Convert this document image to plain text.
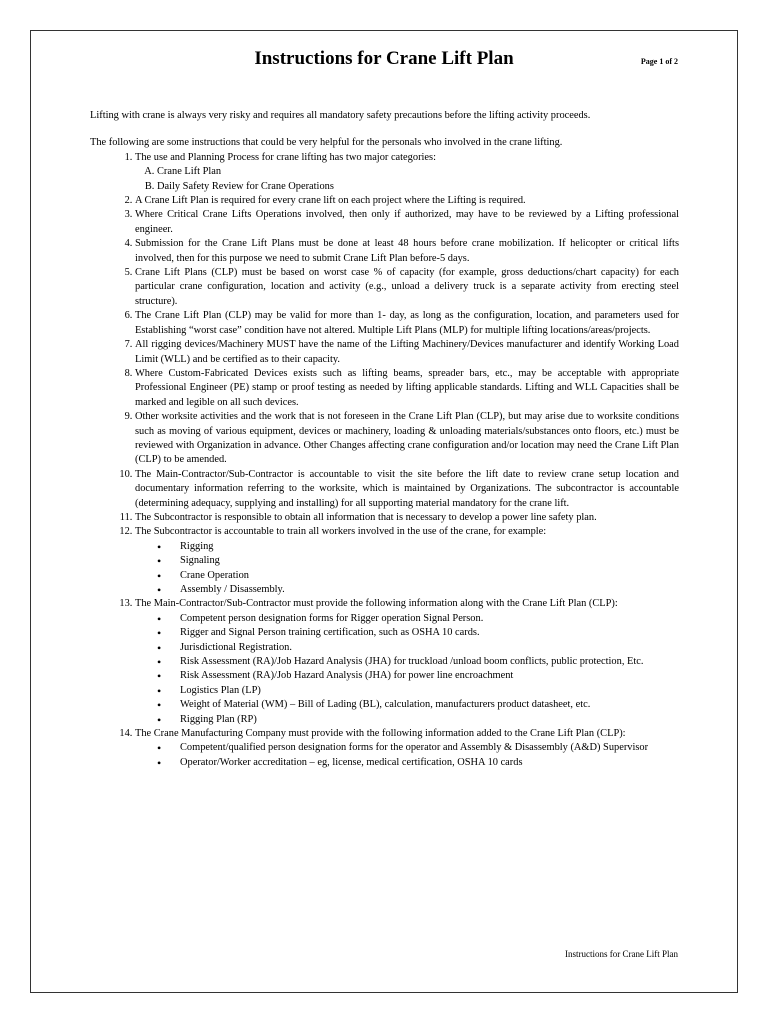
Instructions for Crane Lift Plan	Page 1 of 2

Lifting with crane is always very risky and requires all mandatory safety precautions before the lifting activity proceeds.

The following are some instructions that could be very helpful for the personals who involved in the crane lifting.

1. The use and Planning Process for crane lifting has two major categories:
A. Crane Lift Plan
B. Daily Safety Review for Crane Operations
2. A Crane Lift Plan is required for every crane lift on each project where the Lifting is required.
3. Where Critical Crane Lifts Operations involved, then only if authorized, may have to be reviewed by a Lifting professional engineer.
4. Submission for the Crane Lift Plans must be done at least 48 hours before crane mobilization. If helicopter or critical lifts involved, then for this purpose we need to submit Crane Lift Plan before-5 days.
5. Crane Lift Plans (CLP) must be based on worst case % of capacity (for example, gross deductions/chart capacity) for each particular crane configuration, location and activity (e.g., unload a delivery truck is a separate activity from erecting steel structure).
6. The Crane Lift Plan (CLP) may be valid for more than 1- day, as long as the configuration, location, and parameters used for Establishing “worst case” condition have not altered. Multiple Lift Plans (MLP) for multiple lifting locations/areas/projects.
7. All rigging devices/Machinery MUST have the name of the Lifting Machinery/Devices manufacturer and identify Working Load Limit (WLL) and be certified as to their capacity.
8. Where Custom-Fabricated Devices exists such as lifting beams, spreader bars, etc., may be acceptable with appropriate Professional Engineer (PE) stamp or proof testing as needed by lifting applicable standards. Lifting and WLL Capacities shall be marked and legible on all such devices.
9. Other worksite activities and the work that is not foreseen in the Crane Lift Plan (CLP), but may arise due to worksite conditions such as moving of various equipment, devices or machinery, loading & unloading materials/substances onto floors, etc.) must be reviewed with Organization in advance. Other Changes affecting crane configuration and/or location may need the Crane Lift Plan (CLP) to be amended.
10. The Main-Contractor/Sub-Contractor is accountable to visit the site before the lift date to review crane setup location and documentary information referring to the worksite, which is maintained by Organizations. The subcontractor is accountable (determining adequacy, supplying and installing) for all supporting material mandatory for the crane lift.
11. The Subcontractor is responsible to obtain all information that is necessary to develop a power line safety plan.
12. The Subcontractor is accountable to train all workers involved in the use of the crane, for example:
• Rigging
• Signaling
• Crane Operation
• Assembly / Disassembly.
13. The Main-Contractor/Sub-Contractor must provide the following information along with the Crane Lift Plan (CLP):
• Competent person designation forms for Rigger operation Signal Person.
• Rigger and Signal Person training certification, such as OSHA 10 cards.
• Jurisdictional Registration.
• Risk Assessment (RA)/Job Hazard Analysis (JHA) for truckload /unload boom conflicts, public protection, Etc.
• Risk Assessment (RA)/Job Hazard Analysis (JHA) for power line encroachment
• Logistics Plan (LP)
• Weight of Material (WM) – Bill of Lading (BL), calculation, manufacturers product datasheet, etc.
• Rigging Plan (RP)
14. The Crane Manufacturing Company must provide with the following information added to the Crane Lift Plan (CLP):
• Competent/qualified person designation forms for the operator and Assembly & Disassembly (A&D) Supervisor
• Operator/Worker accreditation – eg, license, medical certification, OSHA 10 cards
Instructions for Crane Lift Plan
